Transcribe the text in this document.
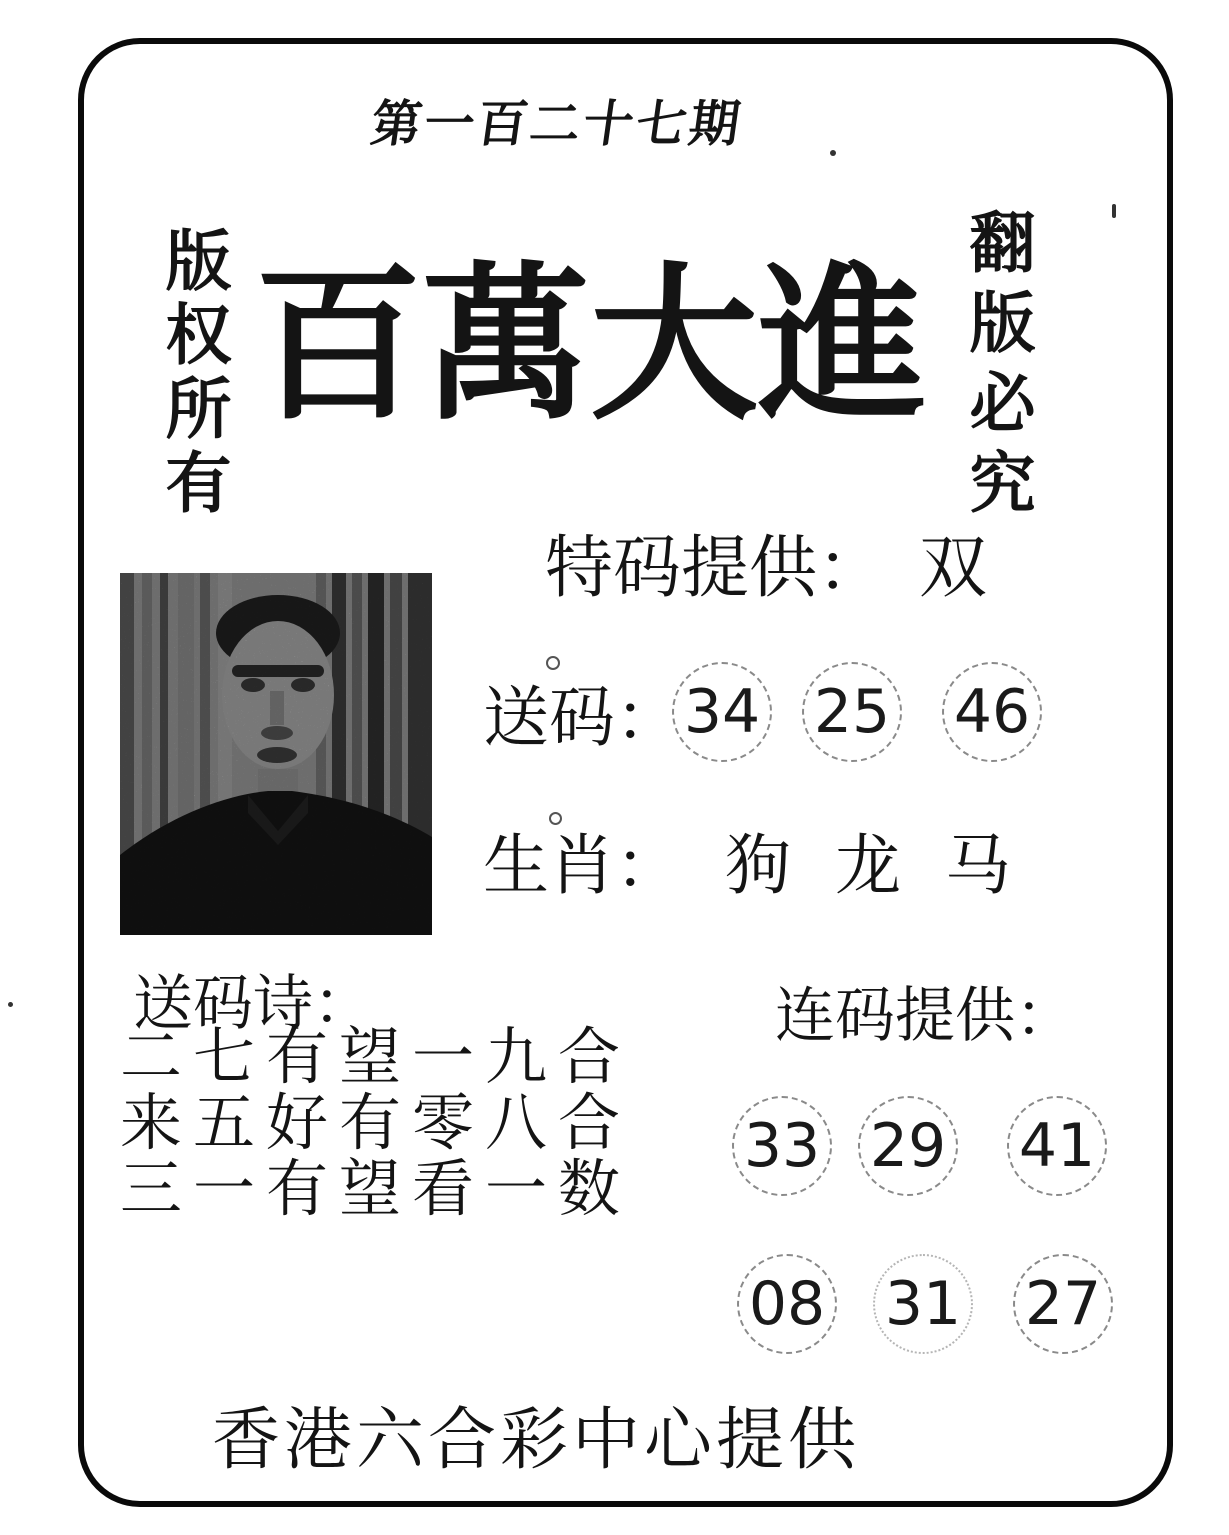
第一百二十七期
版权所有 百萬大進 翻版必究
特码提供： 双
送码： 34 25 46
生肖： 狗 龙 马
送码诗：
二七有望一九合
来五好有零八合
三一有望看一数
连码提供：
33 29 41
08 31 27
香港六合彩中心提供
